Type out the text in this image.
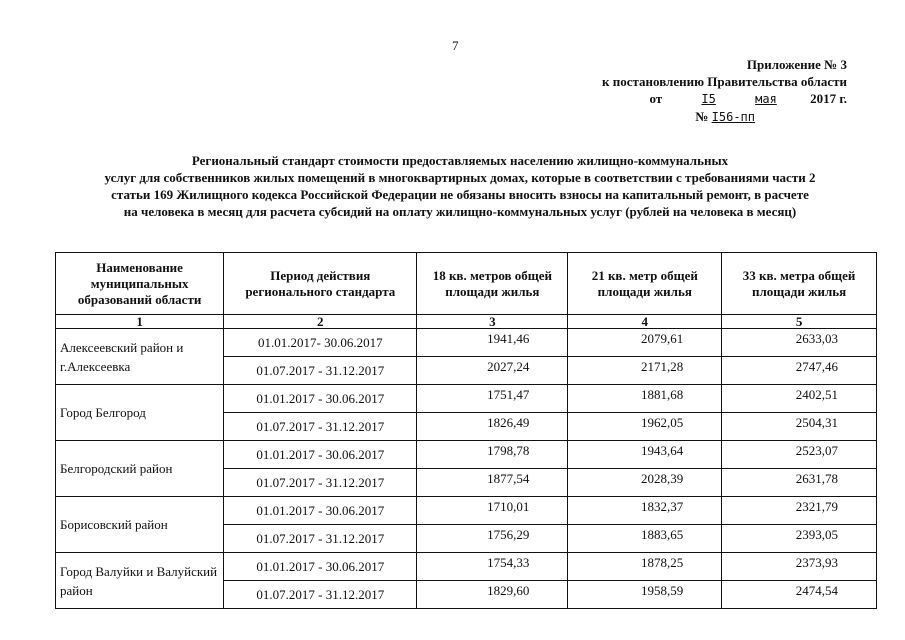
7
Приложение № 3
к постановлению Правительства области
от	I5	мая	2017 г.
№ I56-пп
Региональный стандарт стоимости предоставляемых населению жилищно-коммунальных
услуг для собственников жилых помещений в многоквартирных домах, которые в соответствии с требованиями части 2
статьи 169 Жилищного кодекса Российской Федерации не обязаны вносить взносы на капитальный ремонт, в расчете
на человека в месяц для расчета субсидий на оплату жилищно-коммунальных услуг (рублей на человека в месяц)
Наименование муниципальных образований области	Период действия регионального стандарта	18 кв. метров общей площади жилья	21 кв. метр общей площади жилья	33 кв. метра общей площади жилья
1	2	3	4	5
Алексеевский район и г.Алексеевка	01.01.2017- 30.06.2017	1941,46	2079,61	2633,03
	01.07.2017 - 31.12.2017	2027,24	2171,28	2747,46
Город Белгород	01.01.2017 - 30.06.2017	1751,47	1881,68	2402,51
	01.07.2017 - 31.12.2017	1826,49	1962,05	2504,31
Белгородский район	01.01.2017 - 30.06.2017	1798,78	1943,64	2523,07
	01.07.2017 - 31.12.2017	1877,54	2028,39	2631,78
Борисовский район	01.01.2017 - 30.06.2017	1710,01	1832,37	2321,79
	01.07.2017 - 31.12.2017	1756,29	1883,65	2393,05
Город Валуйки и Валуйский район	01.01.2017 - 30.06.2017	1754,33	1878,25	2373,93
	01.07.2017 - 31.12.2017	1829,60	1958,59	2474,54
